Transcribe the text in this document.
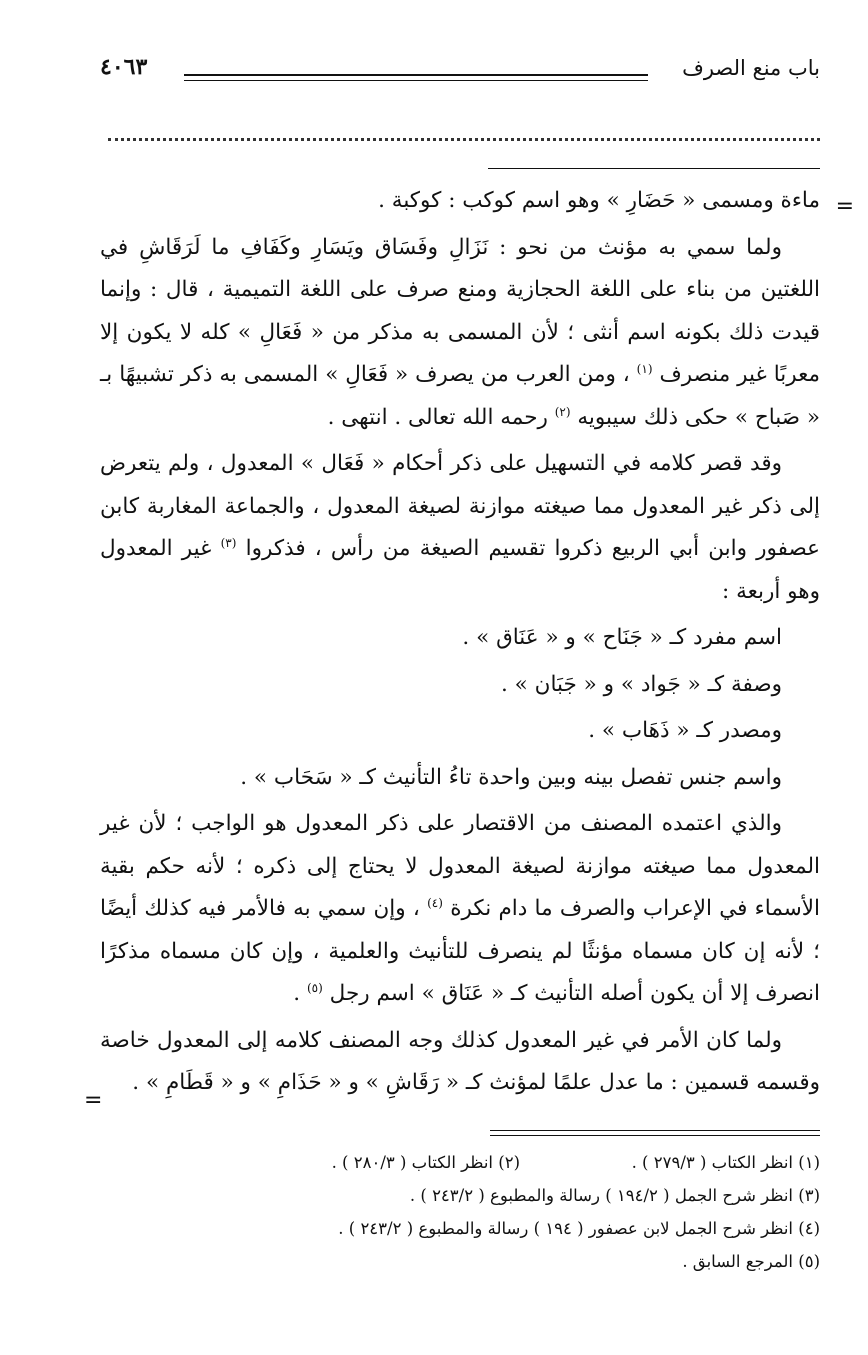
باب منع الصرف
٤٠٦٣
=
=

ماءة ومسمى « حَضَارِ » وهو اسم كوكب : كوكبة .

ولما سمي به مؤنث من نحو : نَزَالِ وفَسَاق ويَسَارِ وكَفَافِ ما لَرَقَاشِ في اللغتين من بناء على اللغة الحجازية ومنع صرف على اللغة التميمية ، قال : وإنما قيدت ذلك بكونه اسم أنثى ؛ لأن المسمى به مذكر من « فَعَالِ » كله لا يكون إلا معربًا غير منصرف $^{(١)}$ ، ومن العرب من يصرف « فَعَالِ » المسمى به ذكر تشبيهًا بـ « صَباح » حكى ذلك سيبويه $^{(٢)}$ رحمه الله تعالى . انتهى .

وقد قصر كلامه في التسهيل على ذكر أحكام « فَعَال » المعدول ، ولم يتعرض إلى ذكر غير المعدول مما صيغته موازنة لصيغة المعدول ، والجماعة المغاربة كابن عصفور وابن أبي الربيع ذكروا تقسيم الصيغة من رأس ، فذكروا $^{(٣)}$ غير المعدول وهو أربعة :

اسم مفرد كـ « جَنَاح » و « عَنَاق » .

وصفة كـ « جَواد » و « جَبَان » .

ومصدر كـ « ذَهَاب » .

واسم جنس تفصل بينه وبين واحدة تاءُ التأنيث كـ « سَحَاب » .

والذي اعتمده المصنف من الاقتصار على ذكر المعدول هو الواجب ؛ لأن غير المعدول مما صيغته موازنة لصيغة المعدول لا يحتاج إلى ذكره ؛ لأنه حكم بقية الأسماء في الإعراب والصرف ما دام نكرة $^{(٤)}$ ، وإن سمي به فالأمر فيه كذلك أيضًا ؛ لأنه إن كان مسماه مؤنثًا لم ينصرف للتأنيث والعلمية ، وإن كان مسماه مذكرًا انصرف إلا أن يكون أصله التأنيث كـ « عَنَاق » اسم رجل $^{(٥)}$ .

ولما كان الأمر في غير المعدول كذلك وجه المصنف كلامه إلى المعدول خاصة وقسمه قسمين : ما عدل علمًا لمؤنث كـ « رَقَاشِ » و « حَذَامِ » و « قَطَامِ » .

(١) انظر الكتاب ( ٢٧٩/٣ ) .
(٢) انظر الكتاب ( ٢٨٠/٣ ) .
(٣) انظر شرح الجمل ( ١٩٤/٢ ) رسالة والمطبوع ( ٢٤٣/٢ ) .
(٤) انظر شرح الجمل لابن عصفور ( ١٩٤ ) رسالة والمطبوع ( ٢٤٣/٢ ) .
(٥) المرجع السابق .
